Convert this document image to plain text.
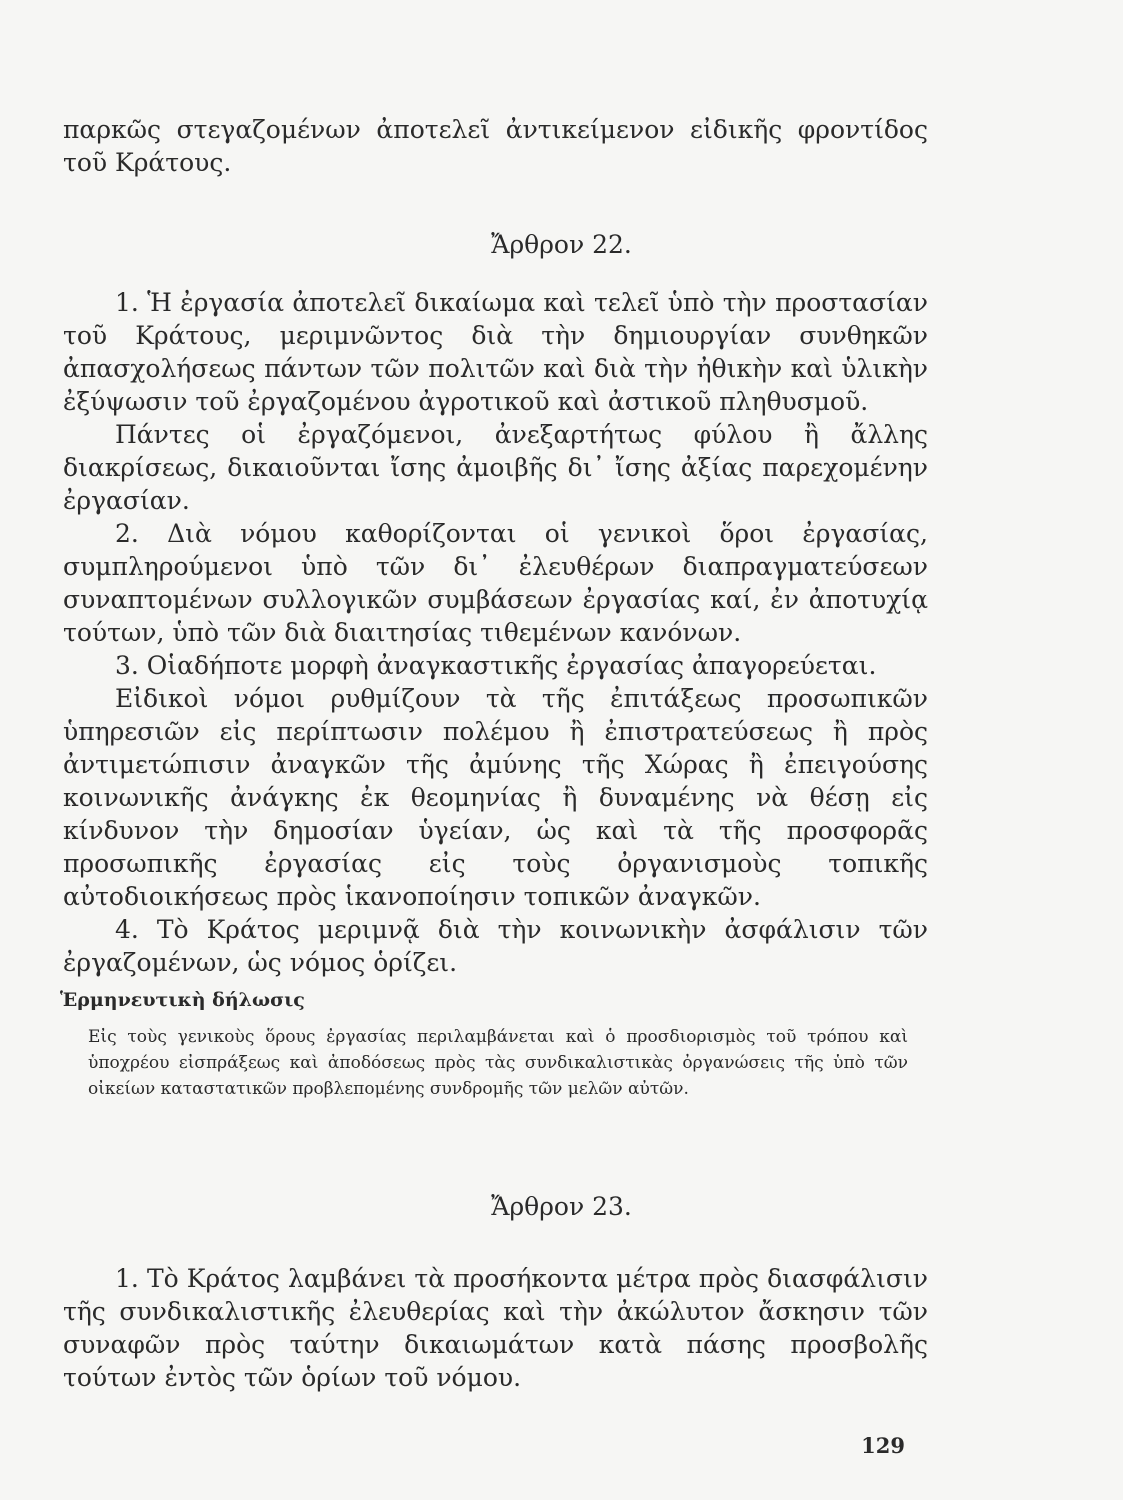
παρκῶς στεγαζομένων ἀποτελεῖ ἀντικείμενον εἰδικῆς φροντίδος τοῦ Κράτους.

Ἄρθρον 22.

1. Ἡ ἐργασία ἀποτελεῖ δικαίωμα καὶ τελεῖ ὑπὸ τὴν προστασίαν τοῦ Κράτους, μεριμνῶντος διὰ τὴν δημιουργίαν συνθηκῶν ἀπασχολήσεως πάντων τῶν πολιτῶν καὶ διὰ τὴν ἠθικὴν καὶ ὑλικὴν ἐξύψωσιν τοῦ ἐργαζομένου ἀγροτικοῦ καὶ ἀστικοῦ πληθυσμοῦ.

Πάντες οἱ ἐργαζόμενοι, ἀνεξαρτήτως φύλου ἢ ἄλλης διακρίσεως, δικαιοῦνται ἴσης ἀμοιβῆς δι᾿ ἴσης ἀξίας παρεχομένην ἐργασίαν.

2. Διὰ νόμου καθορίζονται οἱ γενικοὶ ὅροι ἐργασίας, συμπληρούμενοι ὑπὸ τῶν δι᾿ ἐλευθέρων διαπραγματεύσεων συναπτομένων συλλογικῶν συμβάσεων ἐργασίας καί, ἐν ἀποτυχίᾳ τούτων, ὑπὸ τῶν διὰ διαιτησίας τιθεμένων κανόνων.

3. Οἱαδήποτε μορφὴ ἀναγκαστικῆς ἐργασίας ἀπαγορεύεται.

Εἰδικοὶ νόμοι ρυθμίζουν τὰ τῆς ἐπιτάξεως προσωπικῶν ὑπηρεσιῶν εἰς περίπτωσιν πολέμου ἢ ἐπιστρατεύσεως ἢ πρὸς ἀντιμετώπισιν ἀναγκῶν τῆς ἀμύνης τῆς Χώρας ἢ ἐπειγούσης κοινωνικῆς ἀνάγκης ἐκ θεομηνίας ἢ δυναμένης νὰ θέσῃ εἰς κίνδυνον τὴν δημοσίαν ὑγείαν, ὡς καὶ τὰ τῆς προσφορᾶς προσωπικῆς ἐργασίας εἰς τοὺς ὀργανισμοὺς τοπικῆς αὐτοδιοικήσεως πρὸς ἱκανοποίησιν τοπικῶν ἀναγκῶν.

4. Τὸ Κράτος μεριμνᾷ διὰ τὴν κοινωνικὴν ἀσφάλισιν τῶν ἐργαζομένων, ὡς νόμος ὁρίζει.

Ἑρμηνευτικὴ δήλωσις
Εἰς τοὺς γενικοὺς ὅρους ἐργασίας περιλαμβάνεται καὶ ὁ προσδιορισμὸς τοῦ τρόπου καὶ ὑποχρέου εἰσπράξεως καὶ ἀποδόσεως πρὸς τὰς συνδικαλιστικὰς ὀργανώσεις τῆς ὑπὸ τῶν οἰκείων καταστατικῶν προβλεπομένης συνδρομῆς τῶν μελῶν αὐτῶν.
Ἄρθρον 23.

1. Τὸ Κράτος λαμβάνει τὰ προσήκοντα μέτρα πρὸς διασφάλισιν τῆς συνδικαλιστικῆς ἐλευθερίας καὶ τὴν ἀκώλυτον ἄσκησιν τῶν συναφῶν πρὸς ταύτην δικαιωμάτων κατὰ πάσης προσβολῆς τούτων ἐντὸς τῶν ὁρίων τοῦ νόμου.

129
